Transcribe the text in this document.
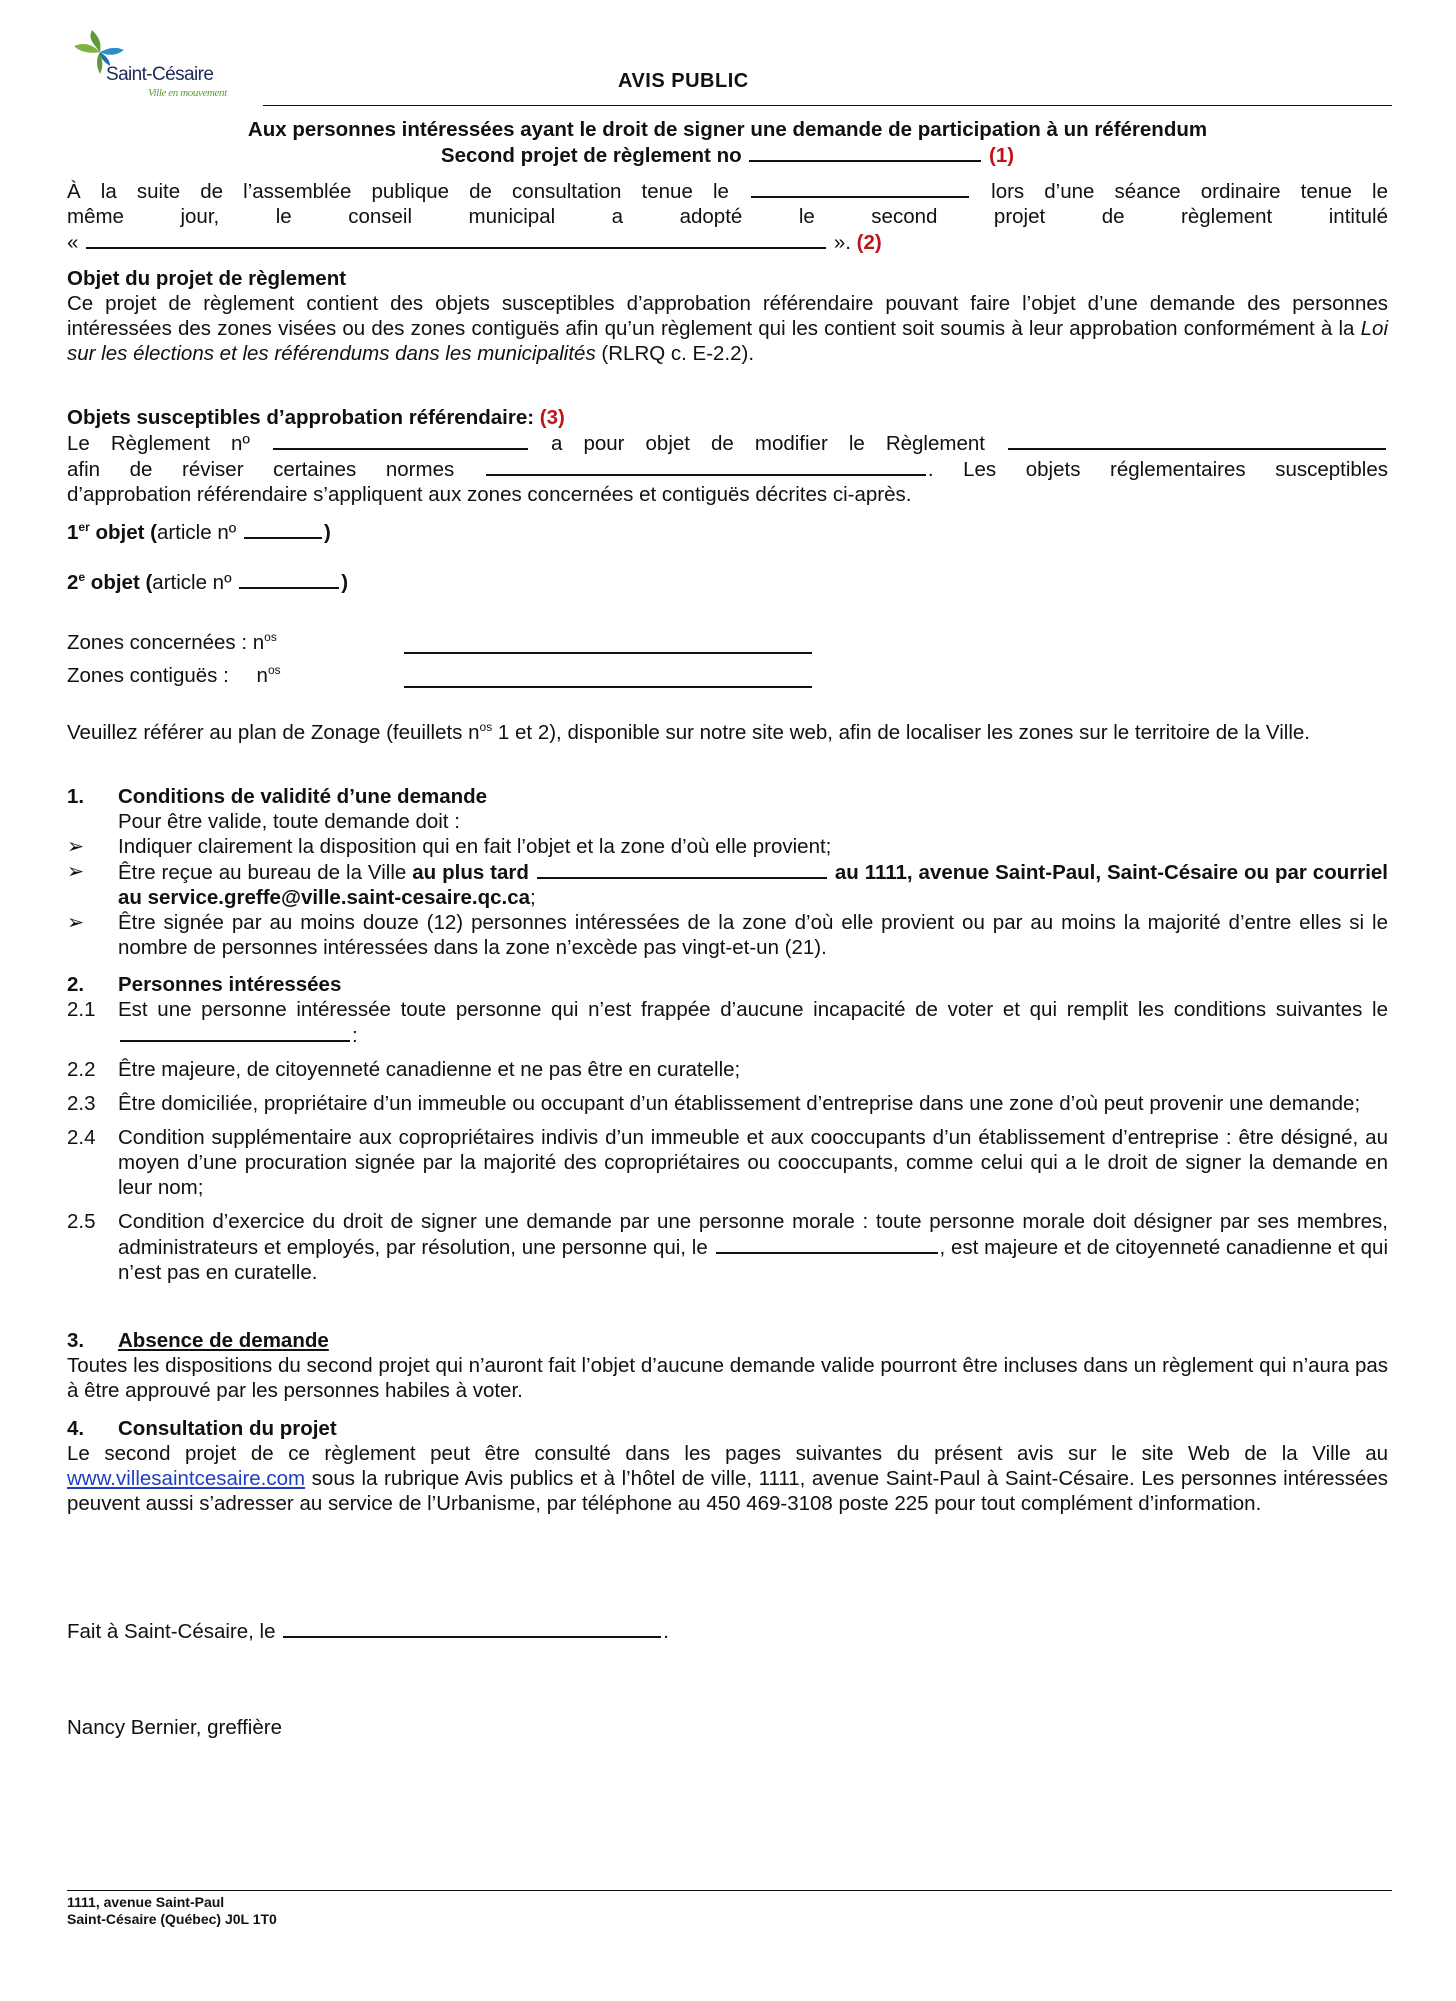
Saint-Césaire
Ville en mouvement
AVIS PUBLIC
Aux personnes intéressées ayant le droit de signer une demande de participation à un référendum
Second projet de règlement no	(1)
À la suite de l’assemblée publique de consultation tenue le	lors d’une séance ordinaire tenue le
même jour, le conseil municipal a adopté le second projet de règlement intitulé
«	». (2)
Objet du projet de règlement
Ce projet de règlement contient des objets susceptibles d’approbation référendaire pouvant faire l’objet d’une demande des personnes intéressées des zones visées ou des zones contiguës afin qu’un règlement qui les contient soit soumis à leur approbation conformément à la Loi sur les élections et les référendums dans les municipalités (RLRQ c. E-2.2).
Objets susceptibles d’approbation référendaire: (3)
Le Règlement nº	a pour objet de modifier le Règlement
afin de réviser certaines normes	. Les objets réglementaires susceptibles
d’approbation référendaire s’appliquent aux zones concernées et contiguës décrites ci-après.
1er objet (article nº	)
2e objet (article nº	)
Zones concernées : $n^{os}$
Zones contiguës : $n^{os}$
Veuillez référer au plan de Zonage (feuillets $n^{os}$ 1 et 2), disponible sur notre site web, afin de localiser les zones sur le territoire de la Ville.
1. Conditions de validité d’une demande
Pour être valide, toute demande doit :
➢ Indiquer clairement la disposition qui en fait l’objet et la zone d’où elle provient;
➢ Être reçue au bureau de la Ville au plus tard	au 1111, avenue Saint-Paul, Saint-Césaire ou par courriel au service.greffe@ville.saint-cesaire.qc.ca;
➢ Être signée par au moins douze (12) personnes intéressées de la zone d’où elle provient ou par au moins la majorité d’entre elles si le nombre de personnes intéressées dans la zone n’excède pas vingt-et-un (21).
2. Personnes intéressées
2.1 Est une personne intéressée toute personne qui n’est frappée d’aucune incapacité de voter et qui remplit les conditions suivantes le :
2.2 Être majeure, de citoyenneté canadienne et ne pas être en curatelle;
2.3 Être domiciliée, propriétaire d’un immeuble ou occupant d’un établissement d’entreprise dans une zone d’où peut provenir une demande;
2.4 Condition supplémentaire aux copropriétaires indivis d’un immeuble et aux cooccupants d’un établissement d’entreprise : être désigné, au moyen d’une procuration signée par la majorité des copropriétaires ou cooccupants, comme celui qui a le droit de signer la demande en leur nom;
2.5 Condition d’exercice du droit de signer une demande par une personne morale : toute personne morale doit désigner par ses membres, administrateurs et employés, par résolution, une personne qui, le	, est majeure et de citoyenneté canadienne et qui n’est pas en curatelle.
3. Absence de demande
Toutes les dispositions du second projet qui n’auront fait l’objet d’aucune demande valide pourront être incluses dans un règlement qui n’aura pas à être approuvé par les personnes habiles à voter.
4. Consultation du projet
Le second projet de ce règlement peut être consulté dans les pages suivantes du présent avis sur le site Web de la Ville au www.villesaintcesaire.com sous la rubrique Avis publics et à l’hôtel de ville, 1111, avenue Saint-Paul à Saint-Césaire. Les personnes intéressées peuvent aussi s’adresser au service de l’Urbanisme, par téléphone au 450 469-3108 poste 225 pour tout complément d’information.
Fait à Saint-Césaire, le	.
Nancy Bernier, greffière
1111, avenue Saint-Paul
Saint-Césaire (Québec) J0L 1T0
